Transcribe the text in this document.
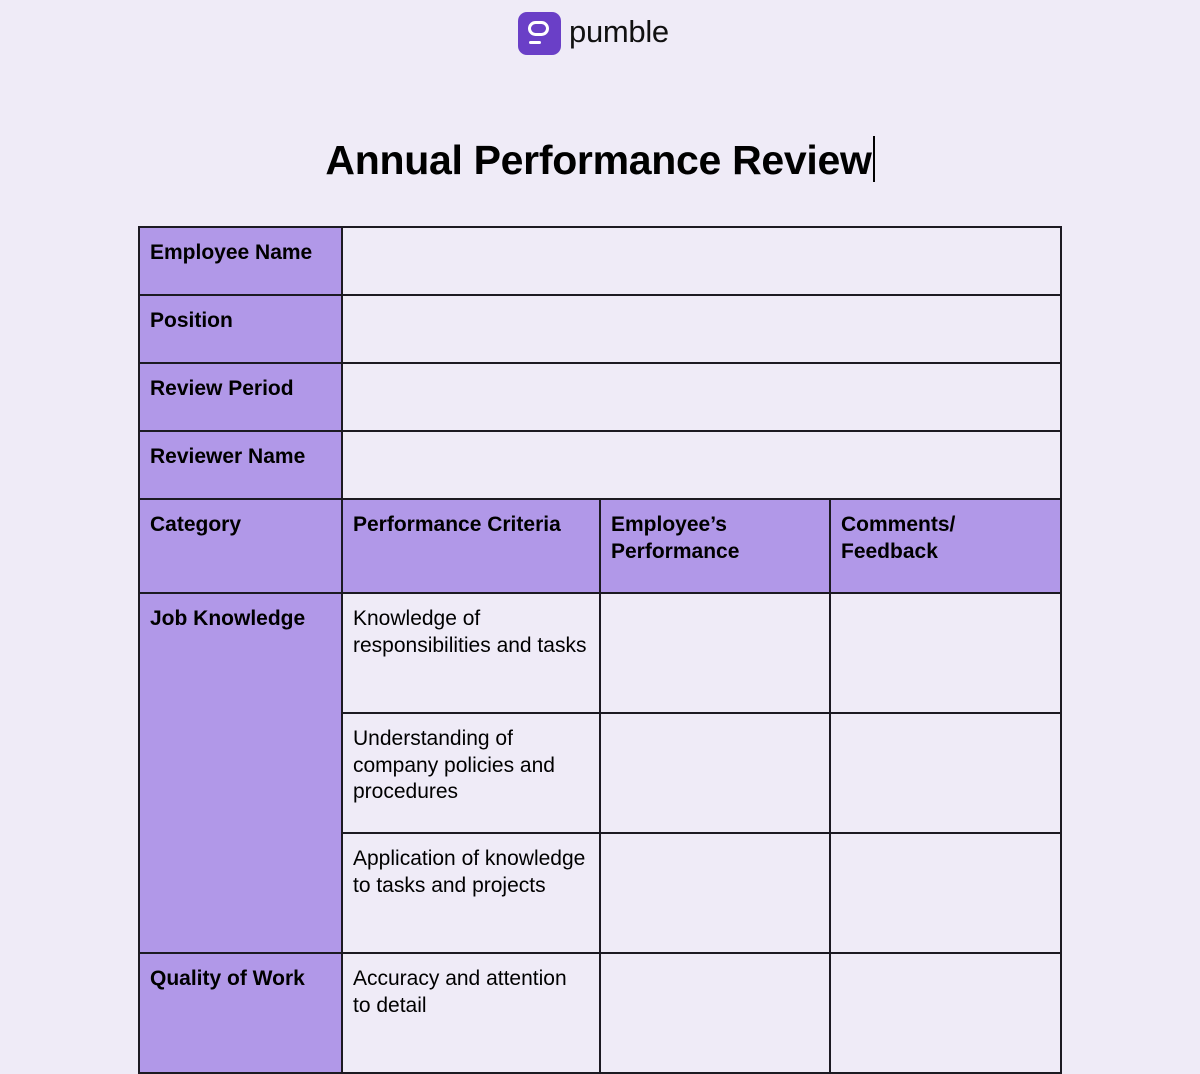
pumble
Annual Performance Review
Employee Name			
Position			
Review Period			
Reviewer Name			
Category	Performance Criteria	Employee’s Performance	Comments/ Feedback
Job Knowledge	Knowledge of responsibilities and tasks		
	Understanding of company policies and procedures		
	Application of knowledge to tasks and projects		
Quality of Work	Accuracy and attention to detail		
